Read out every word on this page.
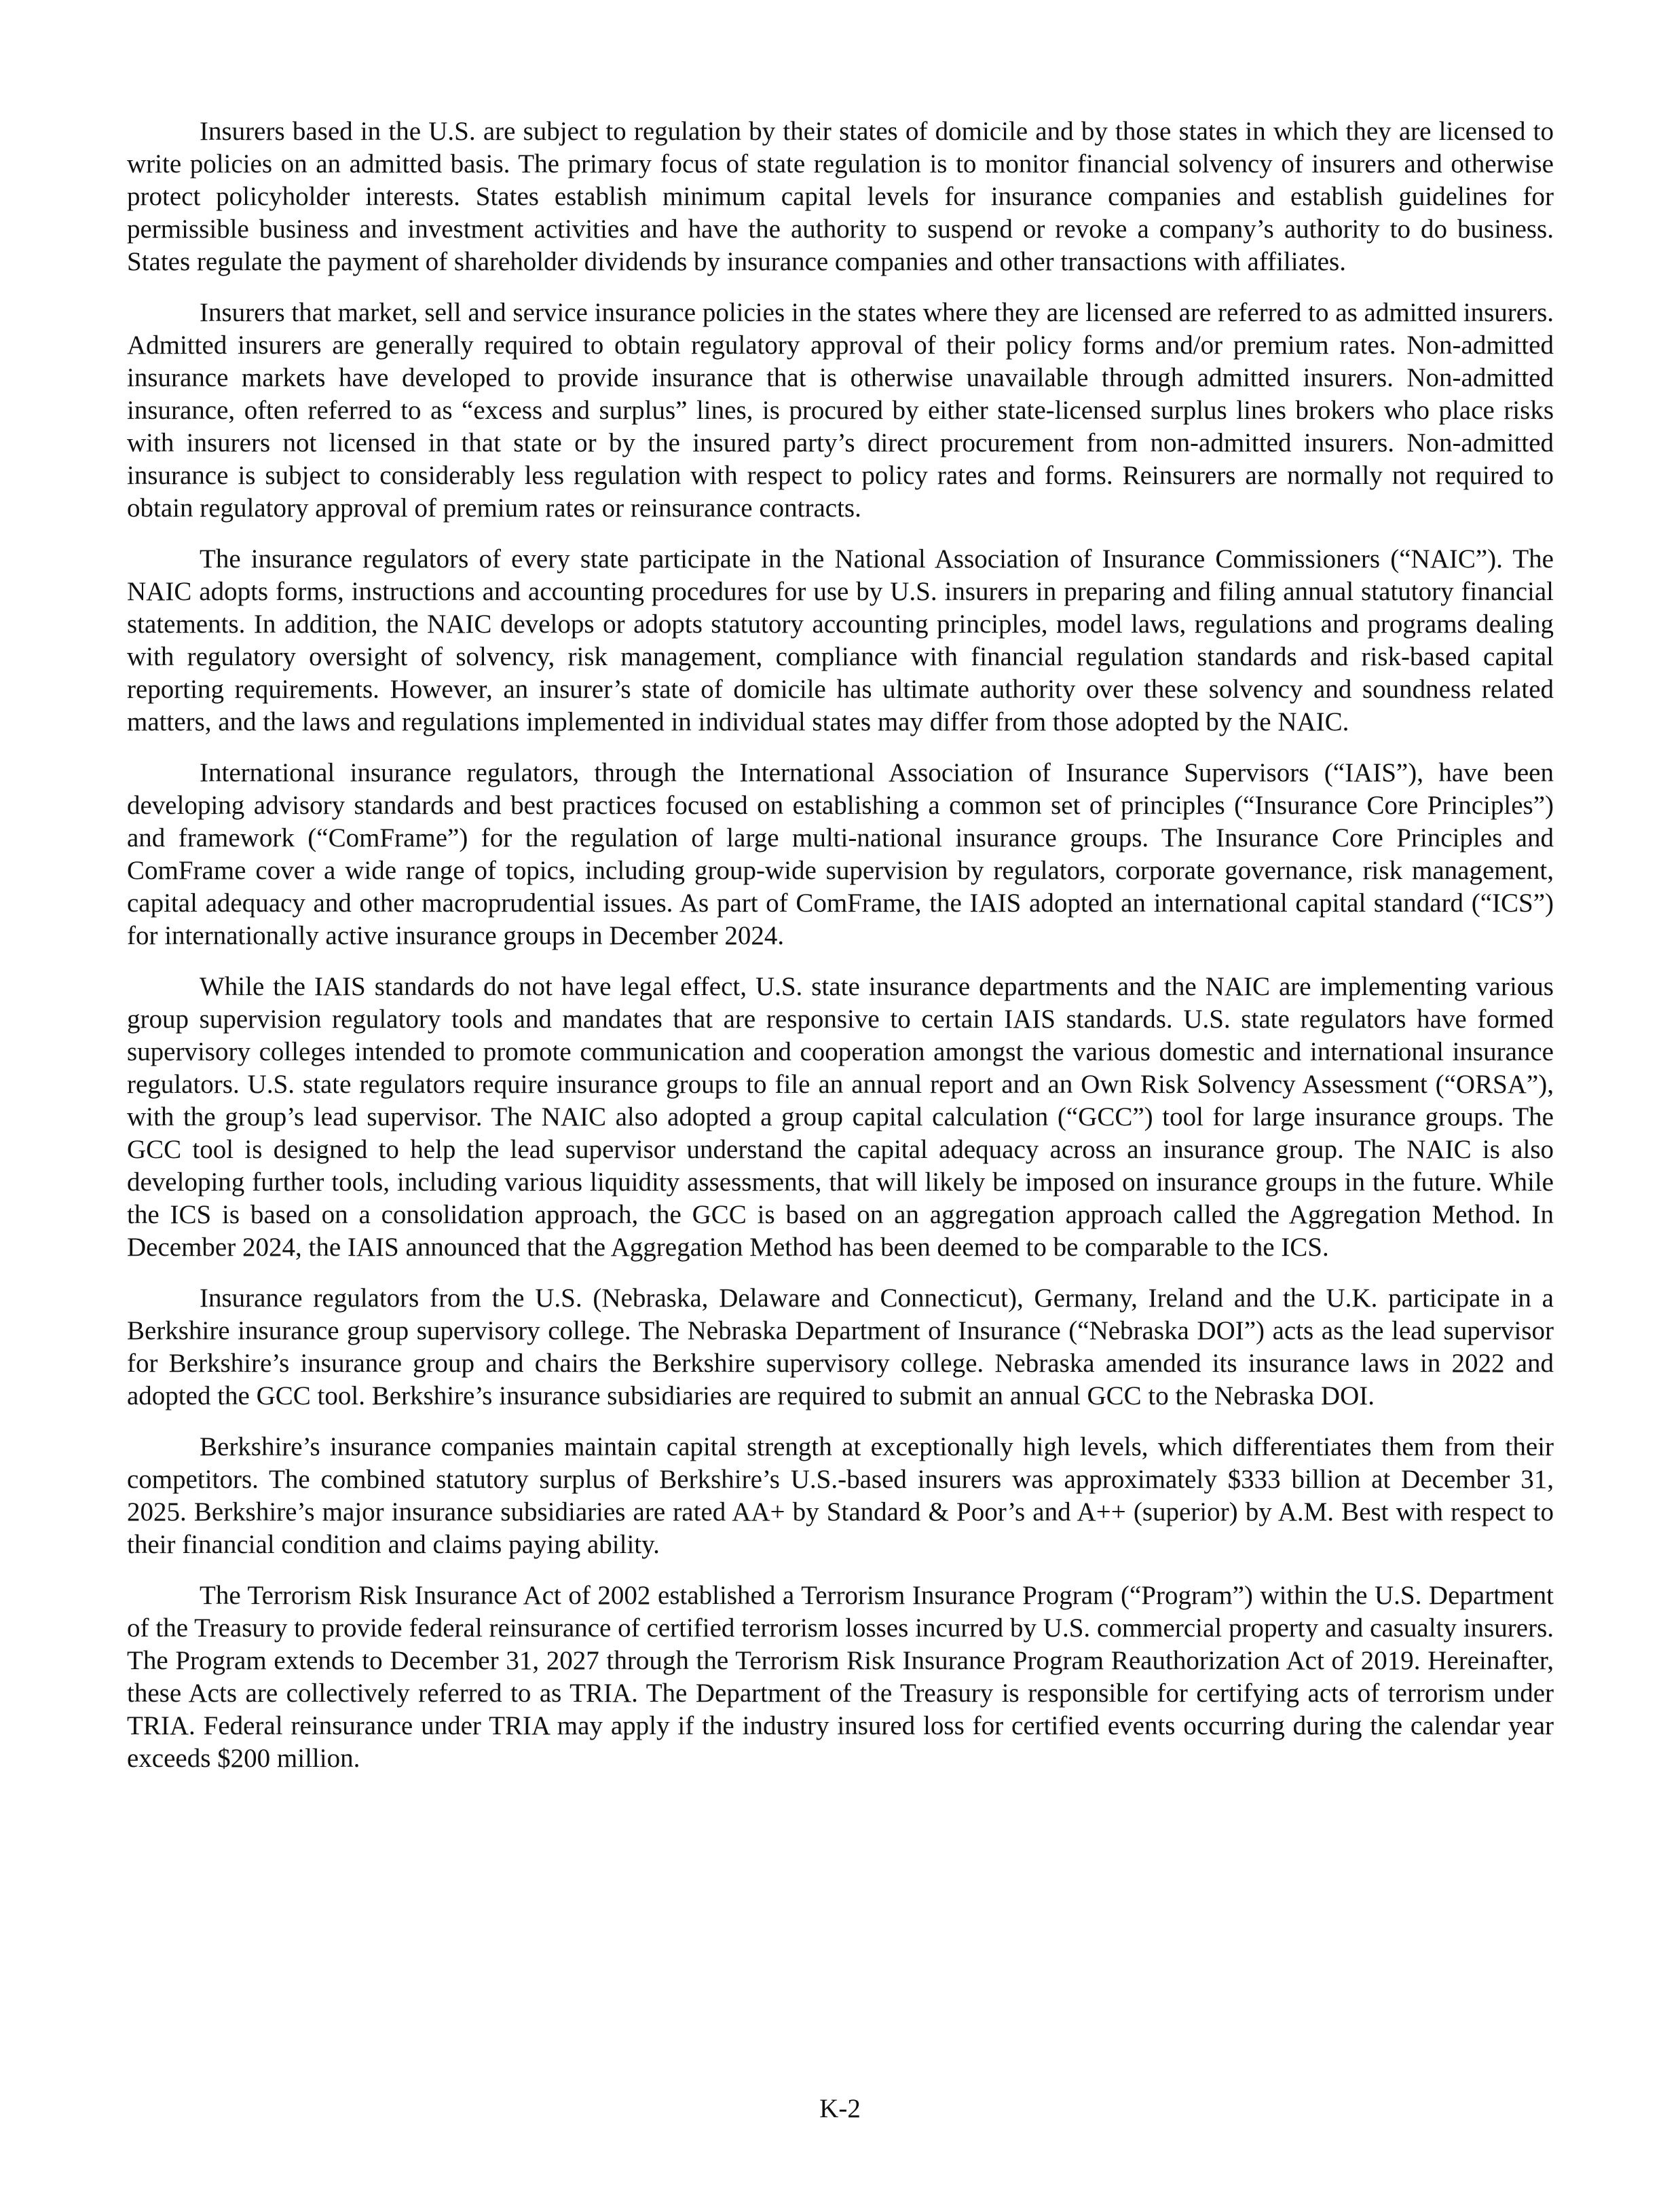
Insurers based in the U.S. are subject to regulation by their states of domicile and by those states in which they are licensed to write policies on an admitted basis. The primary focus of state regulation is to monitor financial solvency of insurers and otherwise protect policyholder interests. States establish minimum capital levels for insurance companies and establish guidelines for permissible business and investment activities and have the authority to suspend or revoke a company’s authority to do business. States regulate the payment of shareholder dividends by insurance companies and other transactions with affiliates.

Insurers that market, sell and service insurance policies in the states where they are licensed are referred to as admitted insurers. Admitted insurers are generally required to obtain regulatory approval of their policy forms and/or premium rates. Non-admitted insurance markets have developed to provide insurance that is otherwise unavailable through admitted insurers. Non-admitted insurance, often referred to as “excess and surplus” lines, is procured by either state-licensed surplus lines brokers who place risks with insurers not licensed in that state or by the insured party’s direct procurement from non-admitted insurers. Non-admitted insurance is subject to considerably less regulation with respect to policy rates and forms. Reinsurers are normally not required to obtain regulatory approval of premium rates or reinsurance contracts.

The insurance regulators of every state participate in the National Association of Insurance Commissioners (“NAIC”). The NAIC adopts forms, instructions and accounting procedures for use by U.S. insurers in preparing and filing annual statutory financial statements. In addition, the NAIC develops or adopts statutory accounting principles, model laws, regulations and programs dealing with regulatory oversight of solvency, risk management, compliance with financial regulation standards and risk-based capital reporting requirements. However, an insurer’s state of domicile has ultimate authority over these solvency and soundness related matters, and the laws and regulations implemented in individual states may differ from those adopted by the NAIC.

International insurance regulators, through the International Association of Insurance Supervisors (“IAIS”), have been developing advisory standards and best practices focused on establishing a common set of principles (“Insurance Core Principles”) and framework (“ComFrame”) for the regulation of large multi-national insurance groups. The Insurance Core Principles and ComFrame cover a wide range of topics, including group-wide supervision by regulators, corporate governance, risk management, capital adequacy and other macroprudential issues. As part of ComFrame, the IAIS adopted an international capital standard (“ICS”) for internationally active insurance groups in December 2024.

While the IAIS standards do not have legal effect, U.S. state insurance departments and the NAIC are implementing various group supervision regulatory tools and mandates that are responsive to certain IAIS standards. U.S. state regulators have formed supervisory colleges intended to promote communication and cooperation amongst the various domestic and international insurance regulators. U.S. state regulators require insurance groups to file an annual report and an Own Risk Solvency Assessment (“ORSA”), with the group’s lead supervisor. The NAIC also adopted a group capital calculation (“GCC”) tool for large insurance groups. The GCC tool is designed to help the lead supervisor understand the capital adequacy across an insurance group. The NAIC is also developing further tools, including various liquidity assessments, that will likely be imposed on insurance groups in the future. While the ICS is based on a consolidation approach, the GCC is based on an aggregation approach called the Aggregation Method. In December 2024, the IAIS announced that the Aggregation Method has been deemed to be comparable to the ICS.

Insurance regulators from the U.S. (Nebraska, Delaware and Connecticut), Germany, Ireland and the U.K. participate in a Berkshire insurance group supervisory college. The Nebraska Department of Insurance (“Nebraska DOI”) acts as the lead supervisor for Berkshire’s insurance group and chairs the Berkshire supervisory college. Nebraska amended its insurance laws in 2022 and adopted the GCC tool. Berkshire’s insurance subsidiaries are required to submit an annual GCC to the Nebraska DOI.

Berkshire’s insurance companies maintain capital strength at exceptionally high levels, which differentiates them from their competitors. The combined statutory surplus of Berkshire’s U.S.-based insurers was approximately $333 billion at December 31, 2025. Berkshire’s major insurance subsidiaries are rated AA+ by Standard & Poor’s and A++ (superior) by A.M. Best with respect to their financial condition and claims paying ability.

The Terrorism Risk Insurance Act of 2002 established a Terrorism Insurance Program (“Program”) within the U.S. Department of the Treasury to provide federal reinsurance of certified terrorism losses incurred by U.S. commercial property and casualty insurers. The Program extends to December 31, 2027 through the Terrorism Risk Insurance Program Reauthorization Act of 2019. Hereinafter, these Acts are collectively referred to as TRIA. The Department of the Treasury is responsible for certifying acts of terrorism under TRIA. Federal reinsurance under TRIA may apply if the industry insured loss for certified events occurring during the calendar year exceeds $200 million.

K-2
